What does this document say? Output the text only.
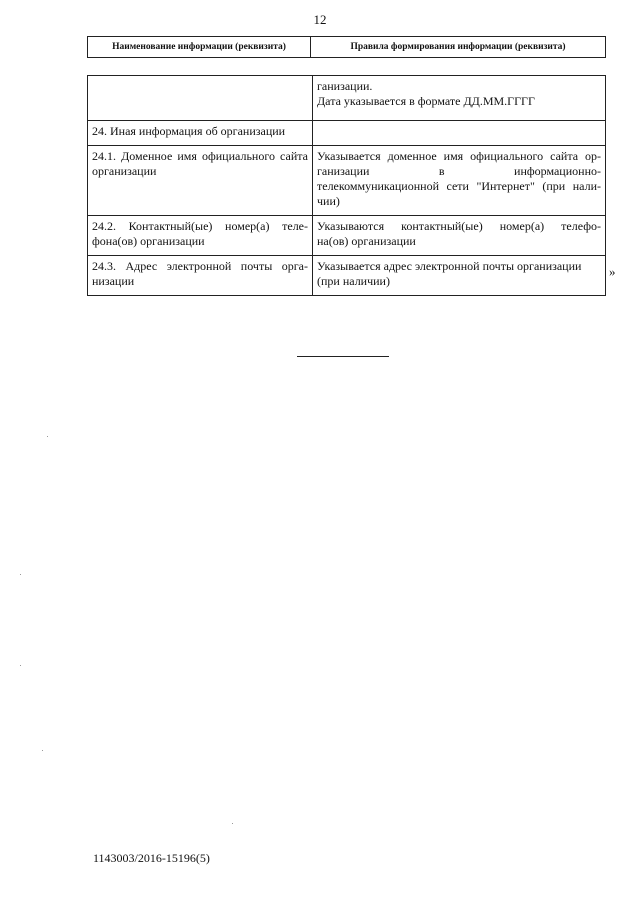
12
Наименование информации (реквизита)	Правила формирования информации (реквизита)

	ганизации.
Дата указывается в формате ДД.ММ.ГГГГ

24. Иная информация об организации	
24.1. Доменное имя официального сайта организации	Указывается доменное имя официального сайта ор-
ганизации в информационно-
телекоммуникационной сети "Интернет" (при нали-
чии)

24.2. Контактный(ые) номер(а) теле-фона(ов) организации	Указываются контактный(ые) номер(а) телефо-
на(ов) организации

24.3. Адрес электронной почты орга-низации	Указывается адрес электронной почты организации
(при наличии)
»
1143003/2016-15196(5)
